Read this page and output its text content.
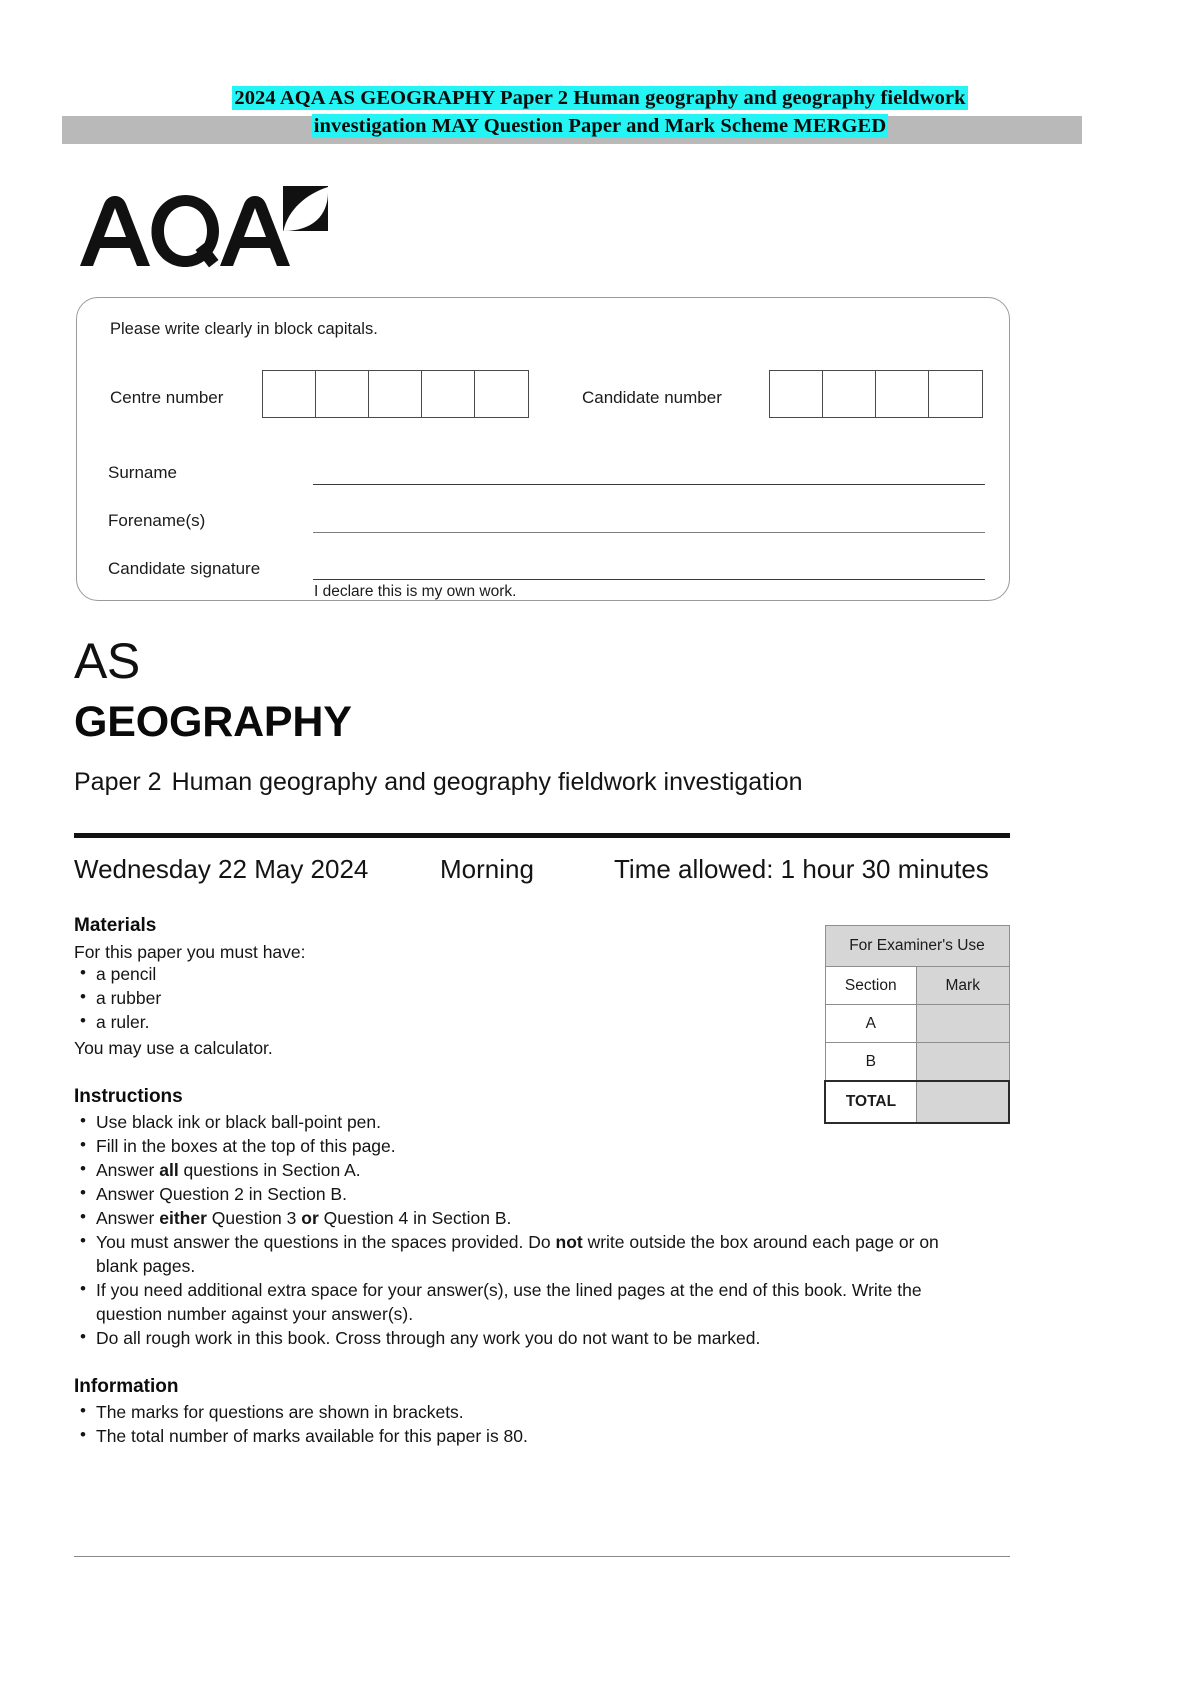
2024 AQA AS GEOGRAPHY Paper 2 Human geography and geography fieldwork
investigation MAY Question Paper and Mark Scheme MERGED
Please write clearly in block capitals.
Centre number	Candidate number
Surname
Forename(s)
Candidate signature
I declare this is my own work.
AS
GEOGRAPHY
Paper 2 Human geography and geography fieldwork investigation
Wednesday 22 May 2024	Morning	Time allowed: 1 hour 30 minutes
Materials
For this paper you must have:
• a pencil
• a rubber
• a ruler.
You may use a calculator.
Instructions
• Use black ink or black ball-point pen.
• Fill in the boxes at the top of this page.
• Answer all questions in Section A.
• Answer Question 2 in Section B.
• Answer either Question 3 or Question 4 in Section B.
• You must answer the questions in the spaces provided. Do not write outside the box around each page or on blank pages.
• If you need additional extra space for your answer(s), use the lined pages at the end of this book. Write the question number against your answer(s).
• Do all rough work in this book. Cross through any work you do not want to be marked.
Information
• The marks for questions are shown in brackets.
• The total number of marks available for this paper is 80.
For Examiner's Use	
Section	Mark
A	
B	
TOTAL	
